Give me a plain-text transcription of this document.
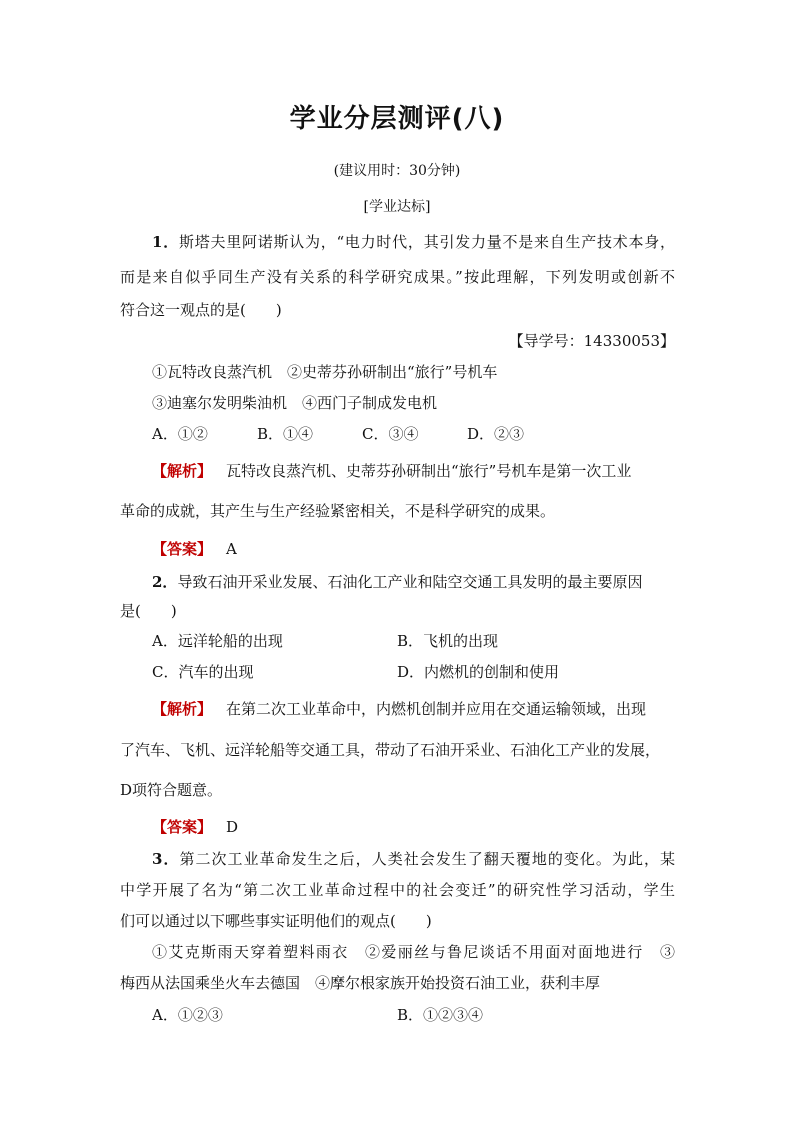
学业分层测评(八)
(建议用时：30分钟)
[学业达标]
1．斯塔夫里阿诺斯认为，“电力时代，其引发力量不是来自生产技术本身，
而是来自似乎同生产没有关系的科学研究成果。”按此理解，下列发明或创新不
符合这一观点的是(　　)
【导学号：14330053】
①瓦特改良蒸汽机　②史蒂芬孙研制出“旅行”号机车
③迪塞尔发明柴油机　④西门子制成发电机
A．①②	B．①④	C．③④	D．②③
【解析】 瓦特改良蒸汽机、史蒂芬孙研制出“旅行”号机车是第一次工业
革命的成就，其产生与生产经验紧密相关，不是科学研究的成果。
【答案】 A
2．导致石油开采业发展、石油化工产业和陆空交通工具发明的最主要原因
是(　　)
A．远洋轮船的出现	B．飞机的出现
C．汽车的出现	D．内燃机的创制和使用
【解析】 在第二次工业革命中，内燃机创制并应用在交通运输领域，出现
了汽车、飞机、远洋轮船等交通工具，带动了石油开采业、石油化工产业的发展，
D项符合题意。
【答案】 D
3．第二次工业革命发生之后，人类社会发生了翻天覆地的变化。为此，某
中学开展了名为“第二次工业革命过程中的社会变迁”的研究性学习活动，学生
们可以通过以下哪些事实证明他们的观点(　　)
①艾克斯雨天穿着塑料雨衣　②爱丽丝与鲁尼谈话不用面对面地进行　③
梅西从法国乘坐火车去德国　④摩尔根家族开始投资石油工业，获利丰厚
A．①②③	B．①②③④
